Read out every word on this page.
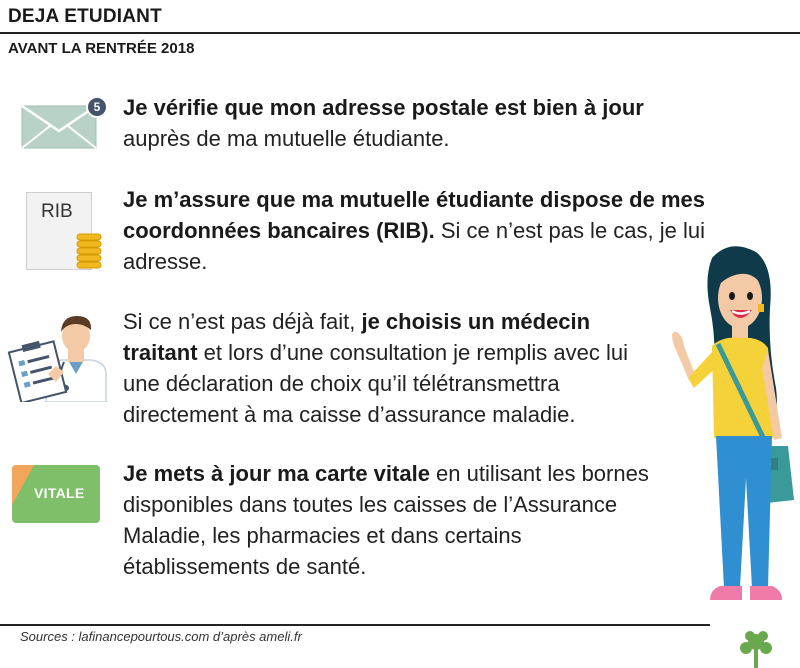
DEJA ETUDIANT
AVANT LA RENTRÉE 2018
5	Je vérifie que mon adresse postale est bien à jour
auprès de ma mutuelle étudiante.
RIB Je m’assure que ma mutuelle étudiante dispose de mes coordonnées bancaires (RIB). Si ce n’est pas le cas, je lui adresse.
Si ce n’est pas déjà fait, je choisis un médecin traitant et lors d’une consultation je remplis avec lui une déclaration de choix qu’il télétransmettra directement à ma caisse d’assurance maladie.
VITALE
Je mets à jour ma carte vitale en utilisant les bornes disponibles dans toutes les caisses de l’Assurance Maladie, les pharmacies et dans certains établissements de santé.
Sources : lafinancepourtous.com d’après ameli.fr
